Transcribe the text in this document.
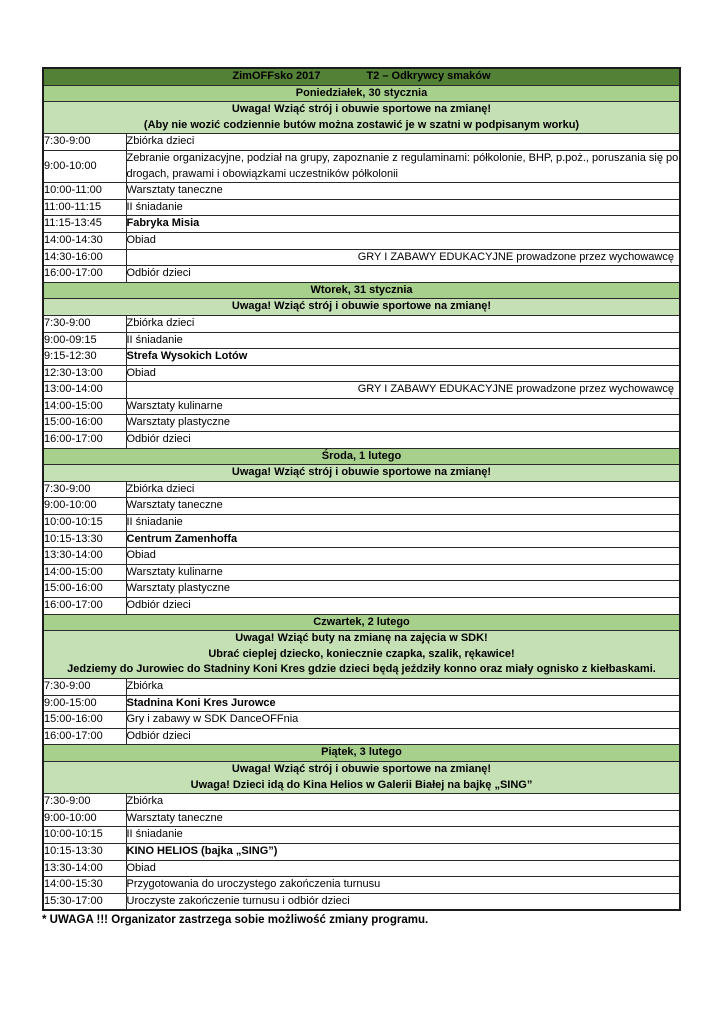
ZimOFFsko 2017 T2 – Odkrywcy smaków	
Poniedziałek, 30 stycznia	

Uwaga! Wziąć strój i obuwie sportowe na zmianę!
(Aby nie wozić codziennie butów można zostawić je w szatni w podpisanym worku)	

7:30-9:00	Zbiórka dzieci
9:00-10:00	Zebranie organizacyjne, podział na grupy, zapoznanie z regulaminami: półkolonie, BHP, p.poż., poruszania się po drogach, prawami i obowiązkami uczestników półkolonii
10:00-11:00	Warsztaty taneczne
11:00-11:15	II śniadanie
11:15-13:45	Fabryka Misia
14:00-14:30	Obiad
14:30-16:00	GRY I ZABAWY EDUKACYJNE prowadzone przez wychowawcę
16:00-17:00	Odbiór dzieci
Wtorek, 31 stycznia	

Uwaga! Wziąć strój i obuwie sportowe na zmianę!	

7:30-9:00	Zbiórka dzieci
9:00-09:15	II śniadanie
9:15-12:30	Strefa Wysokich Lotów
12:30-13:00	Obiad
13:00-14:00	GRY I ZABAWY EDUKACYJNE prowadzone przez wychowawcę
14:00-15:00	Warsztaty kulinarne
15:00-16:00	Warsztaty plastyczne
16:00-17:00	Odbiór dzieci
Środa, 1 lutego	

Uwaga! Wziąć strój i obuwie sportowe na zmianę!	

7:30-9:00	Zbiórka dzieci
9:00-10:00	Warsztaty taneczne
10:00-10:15	II śniadanie
10:15-13:30	Centrum Zamenhoffa
13:30-14:00	Obiad
14:00-15:00	Warsztaty kulinarne
15:00-16:00	Warsztaty plastyczne
16:00-17:00	Odbiór dzieci
Czwartek, 2 lutego	

Uwaga! Wziąć buty na zmianę na zajęcia w SDK!
Ubrać cieplej dziecko, koniecznie czapka, szalik, rękawice!
Jedziemy do Jurowiec do Stadniny Koni Kres gdzie dzieci będą jeździły konno oraz miały ognisko z kiełbaskami.	

7:30-9:00	Zbiórka
9:00-15:00	Stadnina Koni Kres Jurowce
15:00-16:00	Gry i zabawy w SDK DanceOFFnia
16:00-17:00	Odbiór dzieci
Piątek, 3 lutego	

Uwaga! Wziąć strój i obuwie sportowe na zmianę!
Uwaga! Dzieci idą do Kina Helios w Galerii Białej na bajkę „SING”	

7:30-9:00	Zbiórka
9:00-10:00	Warsztaty taneczne
10:00-10:15	II śniadanie
10:15-13:30	KINO HELIOS (bajka „SING”)
13:30-14:00	Obiad
14:00-15:30	Przygotowania do uroczystego zakończenia turnusu
15:30-17:00	Uroczyste zakończenie turnusu i odbiór dzieci
* UWAGA !!! Organizator zastrzega sobie możliwość zmiany programu.
